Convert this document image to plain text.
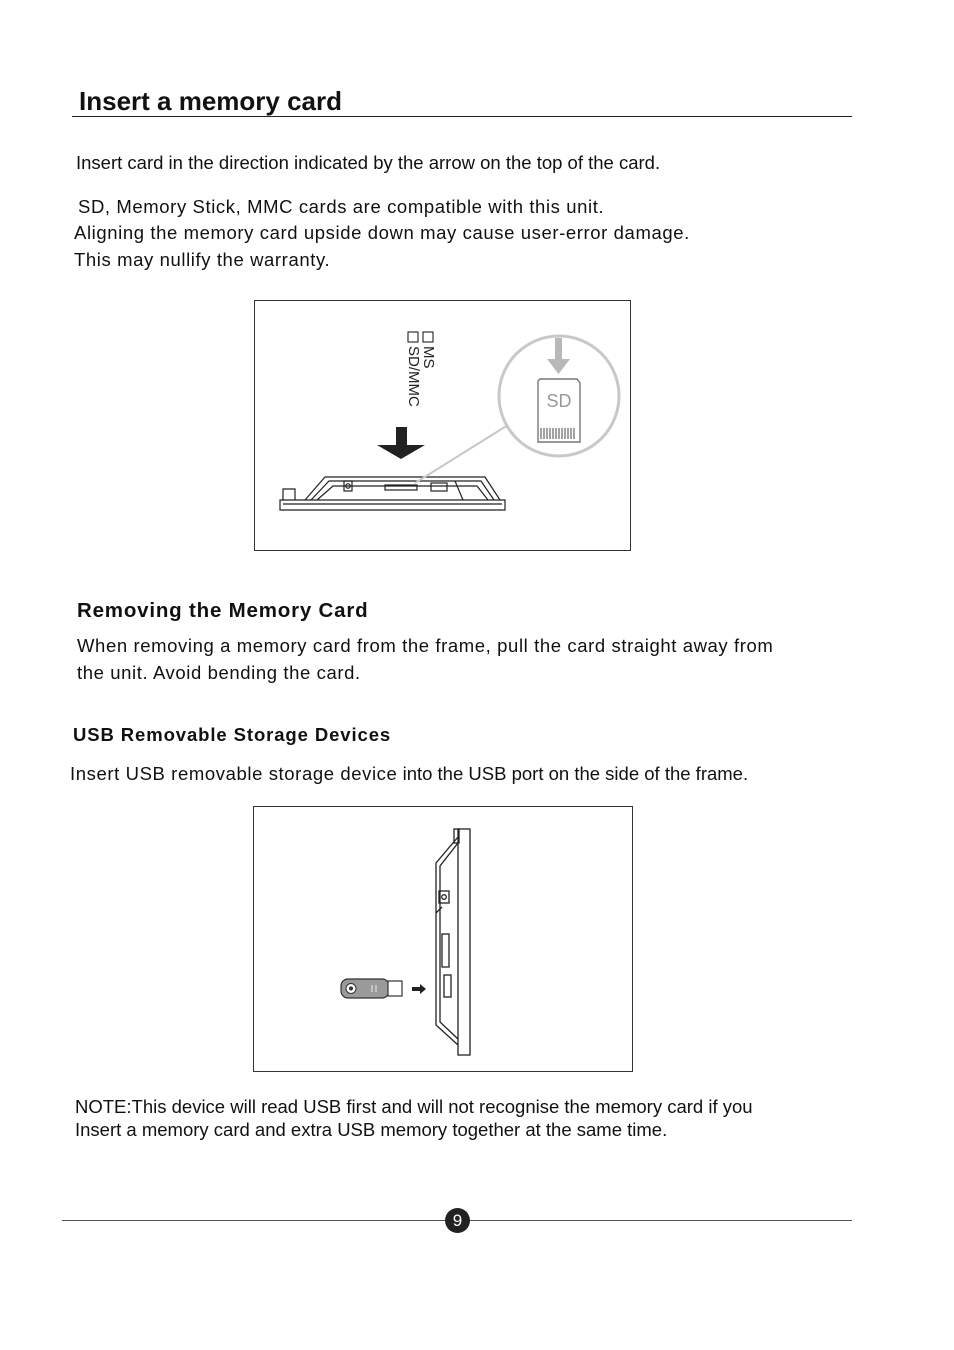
Insert a memory card

Insert card in the direction indicated by the arrow on the top of the card.

SD, Memory Stick, MMC cards are compatible with this unit.

Aligning the memory card upside down may cause user-error damage.

This may nullify the warranty.

MS
SD/MMC	SD
Removing the Memory Card

When removing a memory card from the frame, pull the card straight away from

the unit. Avoid bending the card.

USB Removable Storage Devices

Insert USB removable storage device into the USB port on the side of the frame.

NOTE:This device will read USB first and will not recognise the memory card if you

Insert a memory card and extra USB memory together at the same time.

9
